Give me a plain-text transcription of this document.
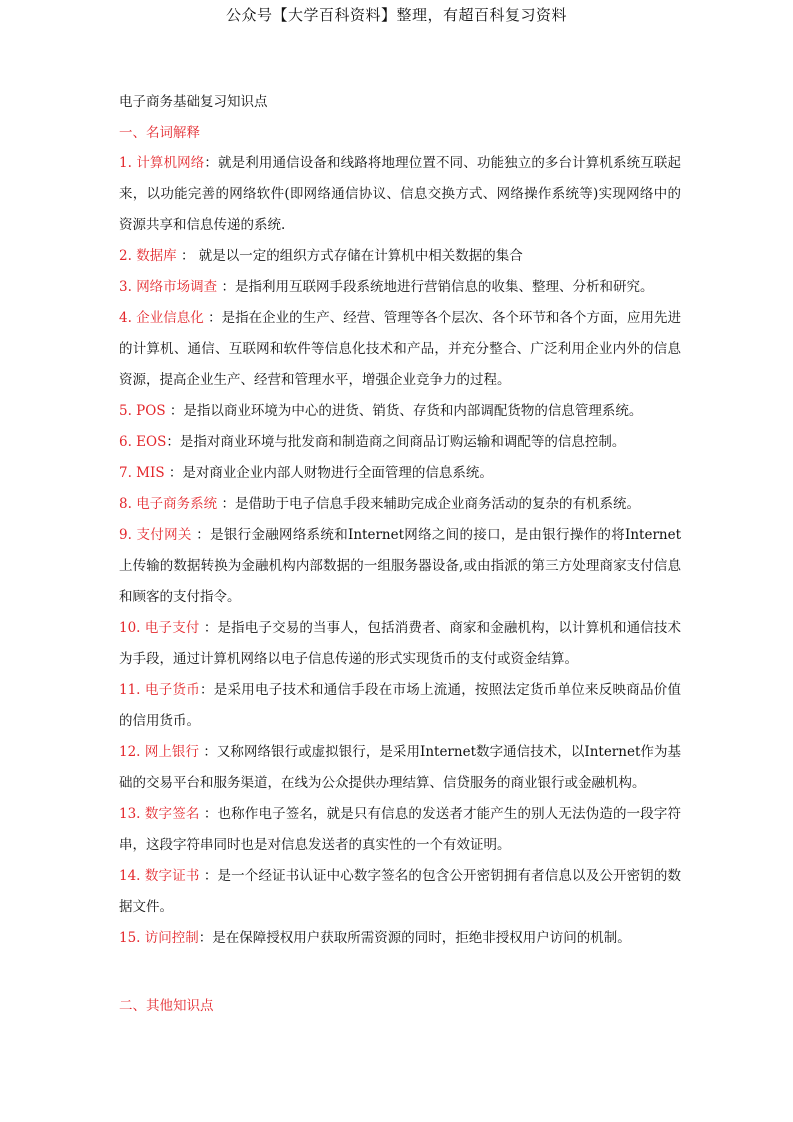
公众号【大学百科资料】整理，有超百科复习资料
电子商务基础复习知识点
一、名词解释

1. 计算机网络：就是利用通信设备和线路将地理位置不同、功能独立的多台计算机系统互联起来，以功能完善的网络软件(即网络通信协议、信息交换方式、网络操作系统等)实现网络中的资源共享和信息传递的系统.

2. 数据库 ： 就是以一定的组织方式存储在计算机中相关数据的集合

3. 网络市场调查 ：是指利用互联网手段系统地进行营销信息的收集、整理、分析和研究。

4. 企业信息化 ：是指在企业的生产、经营、管理等各个层次、各个环节和各个方面，应用先进的计算机、通信、互联网和软件等信息化技术和产品，并充分整合、广泛利用企业内外的信息资源，提高企业生产、经营和管理水平，增强企业竞争力的过程。

5. POS ：是指以商业环境为中心的进货、销货、存货和内部调配货物的信息管理系统。

6. EOS：是指对商业环境与批发商和制造商之间商品订购运输和调配等的信息控制。

7. MIS ：是对商业企业内部人财物进行全面管理的信息系统。

8. 电子商务系统 ：是借助于电子信息手段来辅助完成企业商务活动的复杂的有机系统。

9. 支付网关 ：是银行金融网络系统和Internet网络之间的接口，是由银行操作的将Internet上传输的数据转换为金融机构内部数据的一组服务器设备,或由指派的第三方处理商家支付信息和顾客的支付指令。

10. 电子支付 ：是指电子交易的当事人，包括消费者、商家和金融机构，以计算机和通信技术为手段，通过计算机网络以电子信息传递的形式实现货币的支付或资金结算。

11. 电子货币：是采用电子技术和通信手段在市场上流通，按照法定货币单位来反映商品价值的信用货币。

12. 网上银行 ：又称网络银行或虚拟银行，是采用Internet数字通信技术，以Internet作为基础的交易平台和服务渠道，在线为公众提供办理结算、信贷服务的商业银行或金融机构。

13. 数字签名 ：也称作电子签名，就是只有信息的发送者才能产生的别人无法伪造的一段字符串，这段字符串同时也是对信息发送者的真实性的一个有效证明。

14. 数字证书 ：是一个经证书认证中心数字签名的包含公开密钥拥有者信息以及公开密钥的数据文件。

15. 访问控制：是在保障授权用户获取所需资源的同时，拒绝非授权用户访问的机制。

二、其他知识点
